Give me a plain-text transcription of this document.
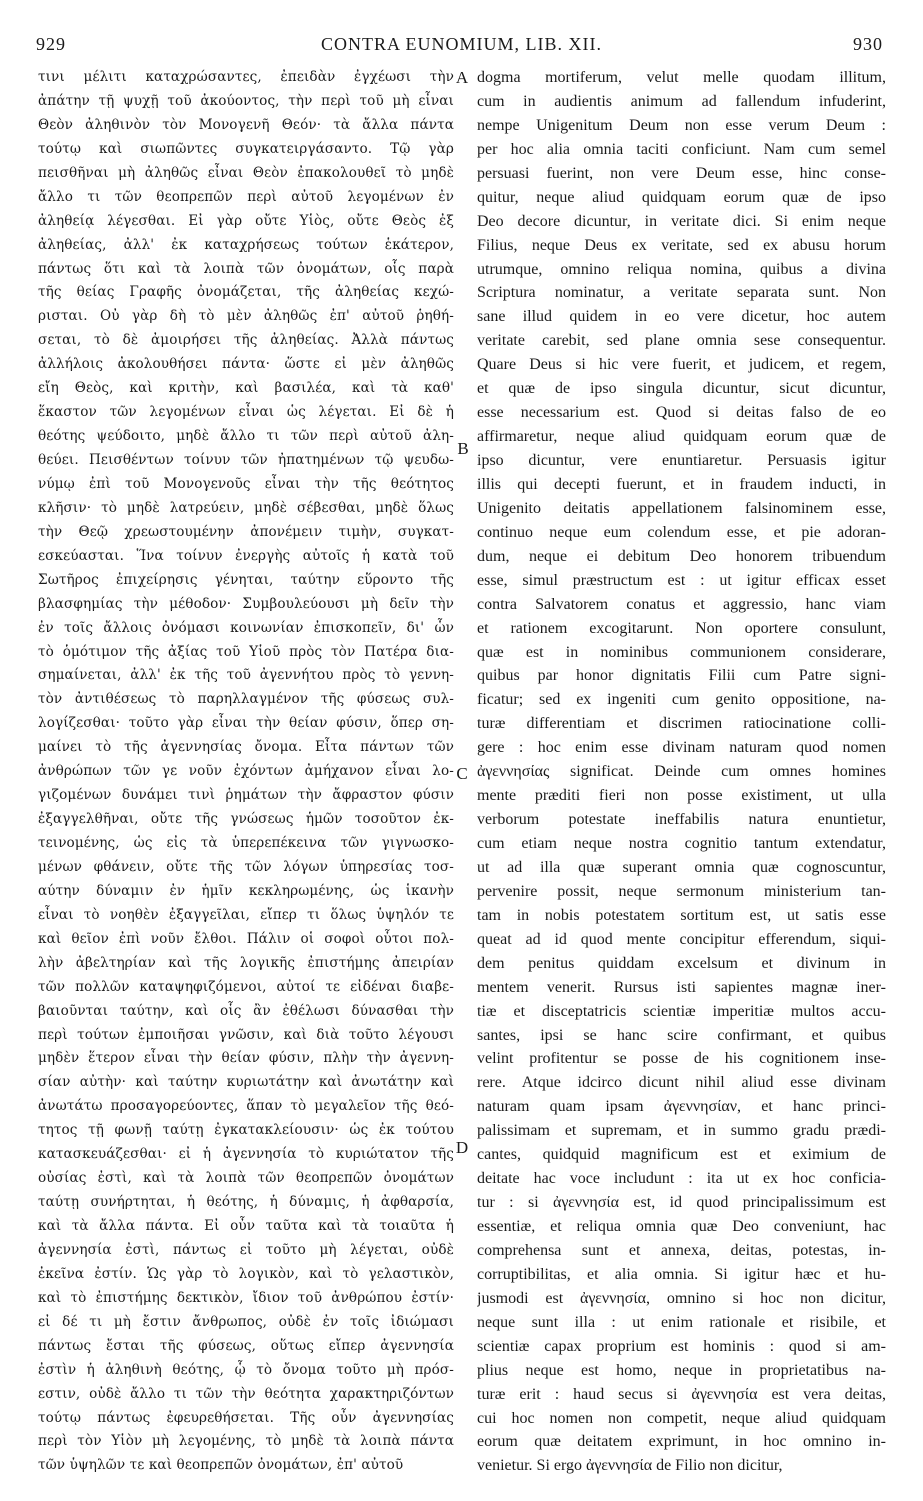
929	CONTRA EUNOMIUM, LIB. XII.	930
τινι μέλιτι καταχρώσαντες, ἐπειδὰν ἐγχέωσι τὴν
ἀπάτην τῇ ψυχῇ τοῦ ἀκούοντος, τὴν περὶ τοῦ μὴ εἶναι
Θεὸν ἀληθινὸν τὸν Μονογενῆ Θεόν· τὰ ἄλλα πάντα
τούτῳ καὶ σιωπῶντες συγκατειργάσαντο. Τῷ γὰρ
πεισθῆναι μὴ ἀληθῶς εἶναι Θεὸν ἐπακολουθεῖ τὸ μηδὲ
ἄλλο τι τῶν θεοπρεπῶν περὶ αὐτοῦ λεγομένων ἐν
ἀληθείᾳ λέγεσθαι. Εἰ γὰρ οὔτε Υἱὸς, οὔτε Θεὸς ἐξ
ἀληθείας, ἀλλ' ἐκ καταχρήσεως τούτων ἑκάτερον,
πάντως ὅτι καὶ τὰ λοιπὰ τῶν ὀνομάτων, οἷς παρὰ
τῆς θείας Γραφῆς ὀνομάζεται, τῆς ἀληθείας κεχώ-
ρισται. Οὐ γὰρ δὴ τὸ μὲν ἀληθῶς ἐπ' αὐτοῦ ῥηθή-
σεται, τὸ δὲ ἀμοιρήσει τῆς ἀληθείας. Ἀλλὰ πάντως
ἀλλήλοις ἀκολουθήσει πάντα· ὥστε εἰ μὲν ἀληθῶς
εἴη Θεὸς, καὶ κριτὴν, καὶ βασιλέα, καὶ τὰ καθ'
ἕκαστον τῶν λεγομένων εἶναι ὡς λέγεται. Εἰ δὲ ἡ
θεότης ψεύδοιτο, μηδὲ ἄλλο τι τῶν περὶ αὐτοῦ ἀλη-
θεύει. Πεισθέντων τοίνυν τῶν ἠπατημένων τῷ ψευδω-
νύμῳ ἐπὶ τοῦ Μονογενοῦς εἶναι τὴν τῆς θεότητος
κλῆσιν· τὸ μηδὲ λατρεύειν, μηδὲ σέβεσθαι, μηδὲ ὅλως
τὴν Θεῷ χρεωστουμένην ἀπονέμειν τιμὴν, συγκατ-
εσκεύασται. Ἵνα τοίνυν ἐνεργὴς αὐτοῖς ἡ κατὰ τοῦ
Σωτῆρος ἐπιχείρησις γένηται, ταύτην εὕροντο τῆς
βλασφημίας τὴν μέθοδον· Συμβουλεύουσι μὴ δεῖν τὴν
ἐν τοῖς ἄλλοις ὀνόμασι κοινωνίαν ἐπισκοπεῖν, δι' ὧν
τὸ ὁμότιμον τῆς ἀξίας τοῦ Υἱοῦ πρὸς τὸν Πατέρα δια-
σημαίνεται, ἀλλ' ἐκ τῆς τοῦ ἀγεννήτου πρὸς τὸ γεννη-
τὸν ἀντιθέσεως τὸ παρηλλαγμένον τῆς φύσεως συλ-
λογίζεσθαι· τοῦτο γὰρ εἶναι τὴν θείαν φύσιν, ὅπερ ση-
μαίνει τὸ τῆς ἀγεννησίας ὄνομα. Εἶτα πάντων τῶν
ἀνθρώπων τῶν γε νοῦν ἐχόντων ἀμήχανον εἶναι λο-
γιζομένων δυνάμει τινὶ ῥημάτων τὴν ἄφραστον φύσιν
ἐξαγγελθῆναι, οὔτε τῆς γνώσεως ἡμῶν τοσοῦτον ἐκ-
τεινομένης, ὡς εἰς τὰ ὑπερεπέκεινα τῶν γιγνωσκο-
μένων φθάνειν, οὔτε τῆς τῶν λόγων ὑπηρεσίας τοσ-
αύτην δύναμιν ἐν ἡμῖν κεκληρωμένης, ὡς ἱκανὴν
εἶναι τὸ νοηθὲν ἐξαγγεῖλαι, εἴπερ τι ὅλως ὑψηλόν τε
καὶ θεῖον ἐπὶ νοῦν ἔλθοι. Πάλιν οἱ σοφοὶ οὗτοι πολ-
λὴν ἀβελτηρίαν καὶ τῆς λογικῆς ἐπιστήμης ἀπειρίαν
τῶν πολλῶν καταψηφιζόμενοι, αὐτοί τε εἰδέναι διαβε-
βαιοῦνται ταύτην, καὶ οἷς ἂν ἐθέλωσι δύνασθαι τὴν
περὶ τούτων ἐμποιῆσαι γνῶσιν, καὶ διὰ τοῦτο λέγουσι
μηδὲν ἕτερον εἶναι τὴν θείαν φύσιν, πλὴν τὴν ἀγεννη-
σίαν αὐτὴν· καὶ ταύτην κυριωτάτην καὶ ἀνωτάτην καὶ
ἀνωτάτω προσαγορεύοντες, ἅπαν τὸ μεγαλεῖον τῆς θεό-
τητος τῇ φωνῇ ταύτῃ ἐγκατακλείουσιν· ὡς ἐκ τούτου
κατασκευάζεσθαι· εἰ ἡ ἀγεννησία τὸ κυριώτατον τῆς
οὐσίας ἐστὶ, καὶ τὰ λοιπὰ τῶν θεοπρεπῶν ὀνομάτων
ταύτῃ συνήρτηται, ἡ θεότης, ἡ δύναμις, ἡ ἀφθαρσία,
καὶ τὰ ἄλλα πάντα. Εἰ οὖν ταῦτα καὶ τὰ τοιαῦτα ἡ
ἀγεννησία ἐστὶ, πάντως εἰ τοῦτο μὴ λέγεται, οὐδὲ
ἐκεῖνα ἐστίν. Ὡς γὰρ τὸ λογικὸν, καὶ τὸ γελαστικὸν,
καὶ τὸ ἐπιστήμης δεκτικὸν, ἴδιον τοῦ ἀνθρώπου ἐστίν·
εἰ δέ τι μὴ ἔστιν ἄνθρωπος, οὐδὲ ἐν τοῖς ἰδιώμασι
πάντως ἔσται τῆς φύσεως, οὕτως εἴπερ ἀγεννησία
ἐστὶν ἡ ἀληθινὴ θεότης, ᾧ τὸ ὄνομα τοῦτο μὴ πρόσ-
εστιν, οὐδὲ ἄλλο τι τῶν τὴν θεότητα χαρακτηριζόντων
τούτῳ πάντως ἐφευρεθήσεται. Τῆς οὖν ἀγεννησίας
περὶ τὸν Υἱὸν μὴ λεγομένης, τὸ μηδὲ τὰ λοιπὰ πάντα
τῶν ὑψηλῶν τε καὶ θεοπρεπῶν ὀνομάτων, ἐπ' αὐτοῦ
dogma mortiferum, velut melle quodam illitum,
cum in audientis animum ad fallendum infuderint,
nempe Unigenitum Deum non esse verum Deum :
per hoc alia omnia taciti conficiunt. Nam cum semel
persuasi fuerint, non vere Deum esse, hinc conse-
quitur, neque aliud quidquam eorum quæ de ipso
Deo decore dicuntur, in veritate dici. Si enim neque
Filius, neque Deus ex veritate, sed ex abusu horum
utrumque, omnino reliqua nomina, quibus a divina
Scriptura nominatur, a veritate separata sunt. Non
sane illud quidem in eo vere dicetur, hoc autem
veritate carebit, sed plane omnia sese consequentur.
Quare Deus si hic vere fuerit, et judicem, et regem,
et quæ de ipso singula dicuntur, sicut dicuntur,
esse necessarium est. Quod si deitas falso de eo
affirmaretur, neque aliud quidquam eorum quæ de
ipso dicuntur, vere enuntiaretur. Persuasis igitur
illis qui decepti fuerunt, et in fraudem inducti, in
Unigenito deitatis appellationem falsinominem esse,
continuo neque eum colendum esse, et pie adoran-
dum, neque ei debitum Deo honorem tribuendum
esse, simul præstructum est : ut igitur efficax esset
contra Salvatorem conatus et aggressio, hanc viam
et rationem excogitarunt. Non oportere consulunt,
quæ est in nominibus communionem considerare,
quibus par honor dignitatis Filii cum Patre signi-
ficatur; sed ex ingeniti cum genito oppositione, na-
turæ differentiam et discrimen ratiocinatione colli-
gere : hoc enim esse divinam naturam quod nomen
ἀγεννησίας significat. Deinde cum omnes homines
mente præditi fieri non posse existiment, ut ulla
verborum potestate ineffabilis natura enuntietur,
cum etiam neque nostra cognitio tantum extendatur,
ut ad illa quæ superant omnia quæ cognoscuntur,
pervenire possit, neque sermonum ministerium tan-
tam in nobis potestatem sortitum est, ut satis esse
queat ad id quod mente concipitur efferendum, siqui-
dem penitus quiddam excelsum et divinum in
mentem venerit. Rursus isti sapientes magnæ iner-
tiæ et disceptatricis scientiæ imperitiæ multos accu-
santes, ipsi se hanc scire confirmant, et quibus
velint profitentur se posse de his cognitionem inse-
rere. Atque idcirco dicunt nihil aliud esse divinam
naturam quam ipsam ἀγεννησίαν, et hanc princi-
palissimam et supremam, et in summo gradu prædi-
cantes, quidquid magnificum est et eximium de
deitate hac voce includunt : ita ut ex hoc conficia-
tur : si ἀγεννησία est, id quod principalissimum est
essentiæ, et reliqua omnia quæ Deo conveniunt, hac
comprehensa sunt et annexa, deitas, potestas, in-
corruptibilitas, et alia omnia. Si igitur hæc et hu-
jusmodi est ἀγεννησία, omnino si hoc non dicitur,
neque sunt illa : ut enim rationale et risibile, et
scientiæ capax proprium est hominis : quod si am-
plius neque est homo, neque in proprietatibus na-
turæ erit : haud secus si ἀγεννησία est vera deitas,
cui hoc nomen non competit, neque aliud quidquam
eorum quæ deitatem exprimunt, in hoc omnino in-
venietur. Si ergo ἀγεννησία de Filio non dicitur,
A
B
C
D
